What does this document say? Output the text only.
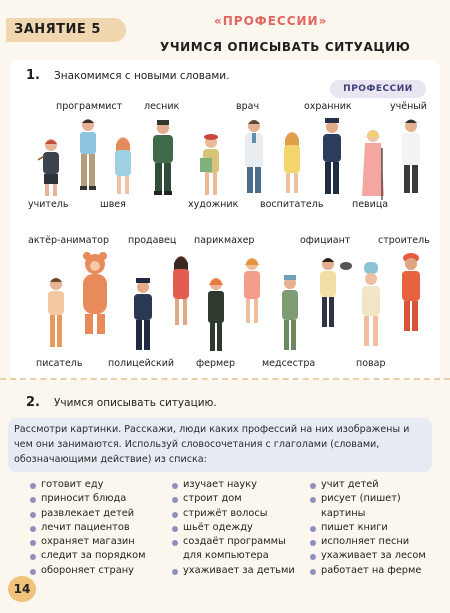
ЗАНЯТИЕ 5
«ПРОФЕССИИ»
УЧИМСЯ ОПИСЫВАТЬ СИТУАЦИЮ
1. Знакомимся с новыми словами.
ПРОФЕССИИ
программист лесник	врач	охранник	учёный
учитель	швея	художник воспитатель	певица
актёр-аниматор продавец парикмахер	официант	строитель
писатель	полицейский фермер	медсестра	повар
2. Учимся описывать ситуацию.
Рассмотри картинки. Расскажи, люди каких профессий на них изображены и чем они занимаются. Используй словосочетания с глаголами (словами, обозначающими действие) из списка:
готовит еду
приносит блюда
развлекает детей
лечит пациентов
охраняет магазин
следит за порядком
обороняет страну
изучает науку
строит дом
стрижёт волосы
шьёт одежду
создаёт программы
для компьютера
ухаживает за детьми
учит детей
рисует (пишет)
картины
пишет книги
исполняет песни
ухаживает за лесом
работает на ферме
14
